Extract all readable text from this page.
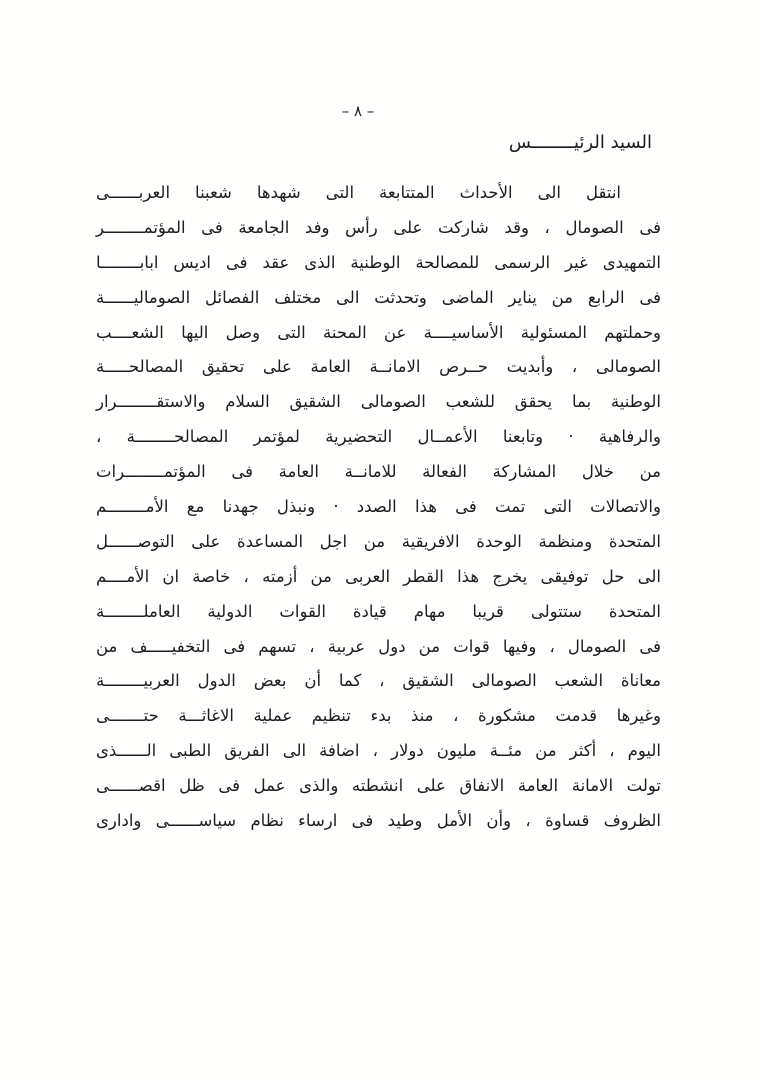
– ٨ –
السيد الرئيــــــــس
انتقل الى الأحداث المتتابعة التى شهدها شعبنا العربــــــى
فى الصومال ، وقد شاركت على رأس وفد الجامعة فى المؤتمــــــــر
التمهيدى غير الرسمى للمصالحة الوطنية الذى عقد فى اديس ابابــــــــا
فى الرابع من يناير الماضى وتحدثت الى مختلف الفصائل الصوماليــــــة
وحملتهم المسئولية الأساسيــــة عن المحنة التى وصل اليها الشعــــب
الصومالى ، وأبديت حــرص الامانــة العامة على تحقيق المصالحـــــة
الوطنية بما يحقق للشعب الصومالى الشقيق السلام والاستقــــــــرار
والرفاهية · وتابعنا الأعمــال التحضيرية لمؤتمر المصالحــــــــة ،
من خلال المشاركة الفعالة للامانــة العامة فى المؤتمــــــــرات
والاتصالات التى تمت فى هذا الصدد · ونبذل جهدنا مع الأمــــــــم
المتحدة ومنظمة الوحدة الافريقية من اجل المساعدة على التوصــــــل
الى حل توفيقى يخرج هذا القطر العربى من أزمته ، خاصة ان الأمــــم
المتحدة ستتولى قريبا مهام قيادة القوات الدولية العاملــــــــة
فى الصومال ، وفيها قوات من دول عربية ، تسهم فى التخفيـــــف من
معاناة الشعب الصومالى الشقيق ، كما أن بعض الدول العربيــــــــة
وغيرها قدمت مشكورة ، منذ بدء تنظيم عملية الاغاثـــة حتـــــــى
اليوم ، أكثر من مئــة مليون دولار ، اضافة الى الفريق الطبى الــــــذى
تولت الامانة العامة الانفاق على انشطته والذى عمل فى ظل اقصــــــى
الظروف قساوة ، وأن الأمل وطيد فى ارساء نظام سياســــــى وادارى
